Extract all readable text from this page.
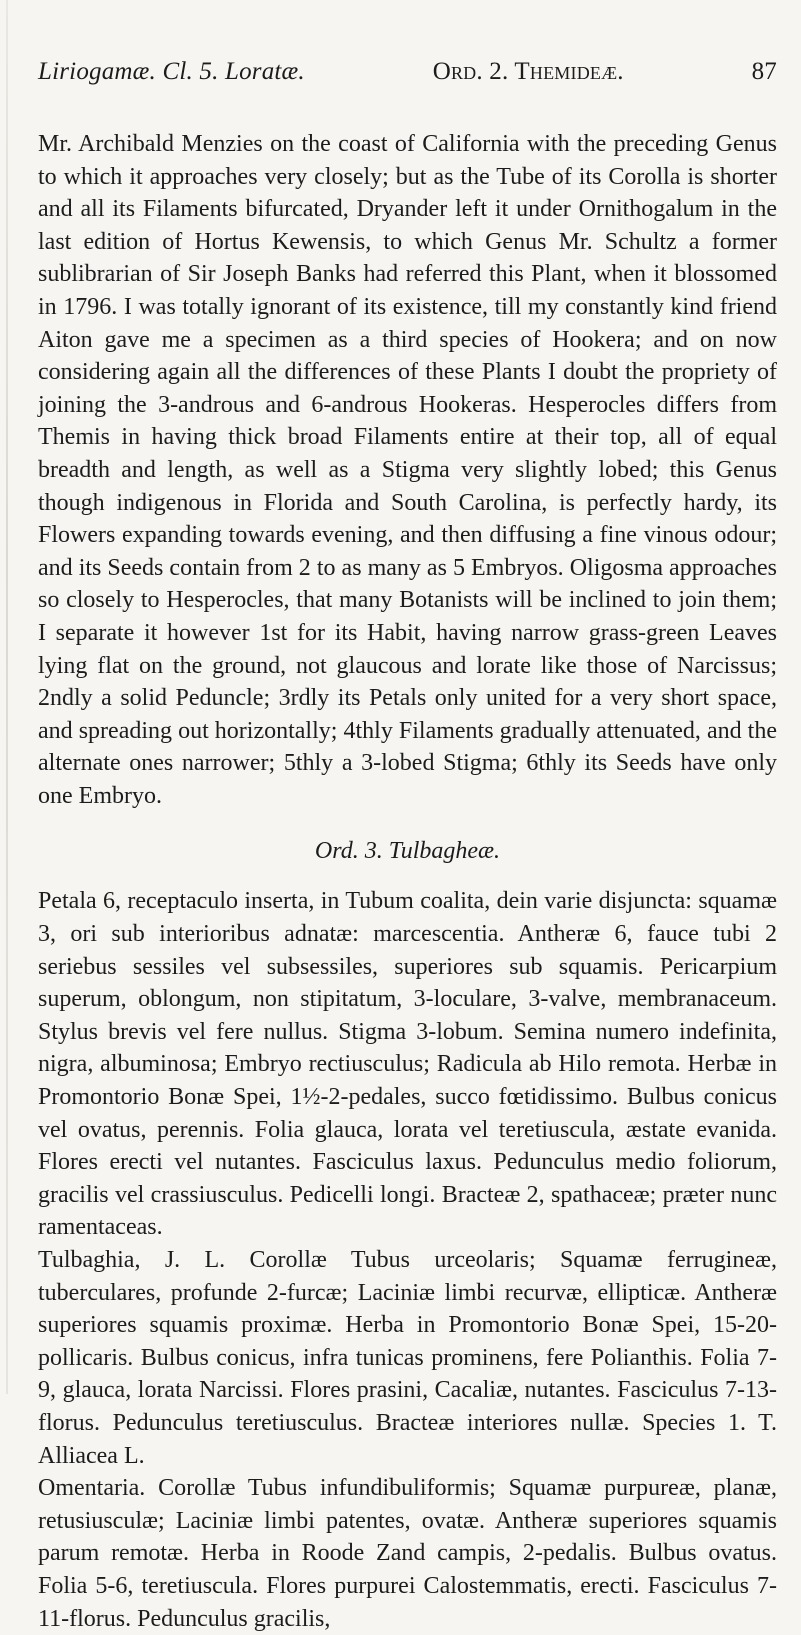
Liriogamæ. Cl. 5. Loratæ.	Ord. 2. Themideæ.	87

Mr. Archibald Menzies on the coast of California with the preceding Genus to which it approaches very closely; but as the Tube of its Corolla is shorter and all its Filaments bifurcated, Dryander left it under Ornithogalum in the last edition of Hortus Kewensis, to which Genus Mr. Schultz a former sublibrarian of Sir Joseph Banks had referred this Plant, when it blossomed in 1796. I was totally ignorant of its existence, till my constantly kind friend Aiton gave me a specimen as a third species of Hookera; and on now considering again all the differences of these Plants I doubt the propriety of joining the 3-androus and 6-androus Hookeras. Hesperocles differs from Themis in having thick broad Filaments entire at their top, all of equal breadth and length, as well as a Stigma very slightly lobed; this Genus though indigenous in Florida and South Carolina, is perfectly hardy, its Flowers expanding towards evening, and then diffusing a fine vinous odour; and its Seeds contain from 2 to as many as 5 Embryos. Oligosma approaches so closely to Hesperocles, that many Botanists will be inclined to join them; I separate it however 1st for its Habit, having narrow grass-green Leaves lying flat on the ground, not glaucous and lorate like those of Narcissus; 2ndly a solid Peduncle; 3rdly its Petals only united for a very short space, and spreading out horizontally; 4thly Filaments gradually attenuated, and the alternate ones narrower; 5thly a 3-lobed Stigma; 6thly its Seeds have only one Embryo.

Ord. 3. Tulbagheæ.

Petala 6, receptaculo inserta, in Tubum coalita, dein varie disjuncta: squamæ 3, ori sub interioribus adnatæ: marcescentia. Antheræ 6, fauce tubi 2 seriebus sessiles vel subsessiles, superiores sub squamis. Pericarpium superum, oblongum, non stipitatum, 3-loculare, 3-valve, membranaceum. Stylus brevis vel fere nullus. Stigma 3-lobum. Semina numero indefinita, nigra, albuminosa; Embryo rectiusculus; Radicula ab Hilo remota. Herbæ in Promontorio Bonæ Spei, 1½-2-pedales, succo fœtidissimo. Bulbus conicus vel ovatus, perennis. Folia glauca, lorata vel teretiuscula, æstate evanida. Flores erecti vel nutantes. Fasciculus laxus. Pedunculus medio foliorum, gracilis vel crassiusculus. Pedicelli longi. Bracteæ 2, spathaceæ; præter nunc ramentaceas.

Tulbaghia, J. L. Corollæ Tubus urceolaris; Squamæ ferrugineæ, tuberculares, profunde 2-furcæ; Laciniæ limbi recurvæ, ellipticæ. Antheræ superiores squamis proximæ. Herba in Promontorio Bonæ Spei, 15-20-pollicaris. Bulbus conicus, infra tunicas prominens, fere Polianthis. Folia 7-9, glauca, lorata Narcissi. Flores prasini, Cacaliæ, nutantes. Fasciculus 7-13-florus. Pedunculus teretiusculus. Bracteæ interiores nullæ. Species 1. T. Alliacea L.

Omentaria. Corollæ Tubus infundibuliformis; Squamæ purpureæ, planæ, retusiusculæ; Laciniæ limbi patentes, ovatæ. Antheræ superiores squamis parum remotæ. Herba in Roode Zand campis, 2-pedalis. Bulbus ovatus. Folia 5-6, teretiuscula. Flores purpurei Calostemmatis, erecti. Fasciculus 7-11-florus. Pedunculus gracilis,
